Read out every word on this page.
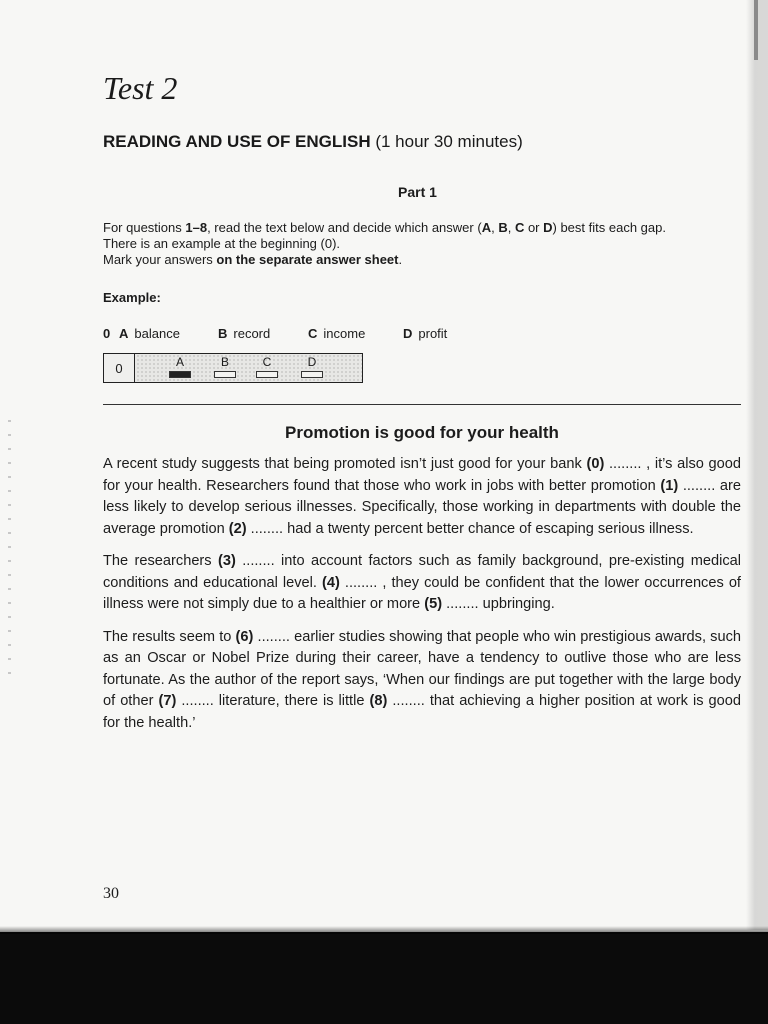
Test 2
READING AND USE OF ENGLISH (1 hour 30 minutes)
Part 1

For questions 1–8, read the text below and decide which answer (A, B, C or D) best fits each gap.

There is an example at the beginning (0).

Mark your answers on the separate answer sheet.

Example:
0 A balance	B record	C income	D profit
0	A	B	C	D
Promotion is good for your health

A recent study suggests that being promoted isn’t just good for your bank (0) ........ , it’s also good for your health. Researchers found that those who work in jobs with better promotion (1) ........ are less likely to develop serious illnesses. Specifically, those working in departments with double the average promotion (2) ........ had a twenty percent better chance of escaping serious illness.

The researchers (3) ........ into account factors such as family background, pre-existing medical conditions and educational level. (4) ........ , they could be confident that the lower occurrences of illness were not simply due to a healthier or more (5) ........ upbringing.

The results seem to (6) ........ earlier studies showing that people who win prestigious awards, such as an Oscar or Nobel Prize during their career, have a tendency to outlive those who are less fortunate. As the author of the report says, ‘When our findings are put together with the large body of other (7) ........ literature, there is little (8) ........ that achieving a higher position at work is good for the health.’

30
